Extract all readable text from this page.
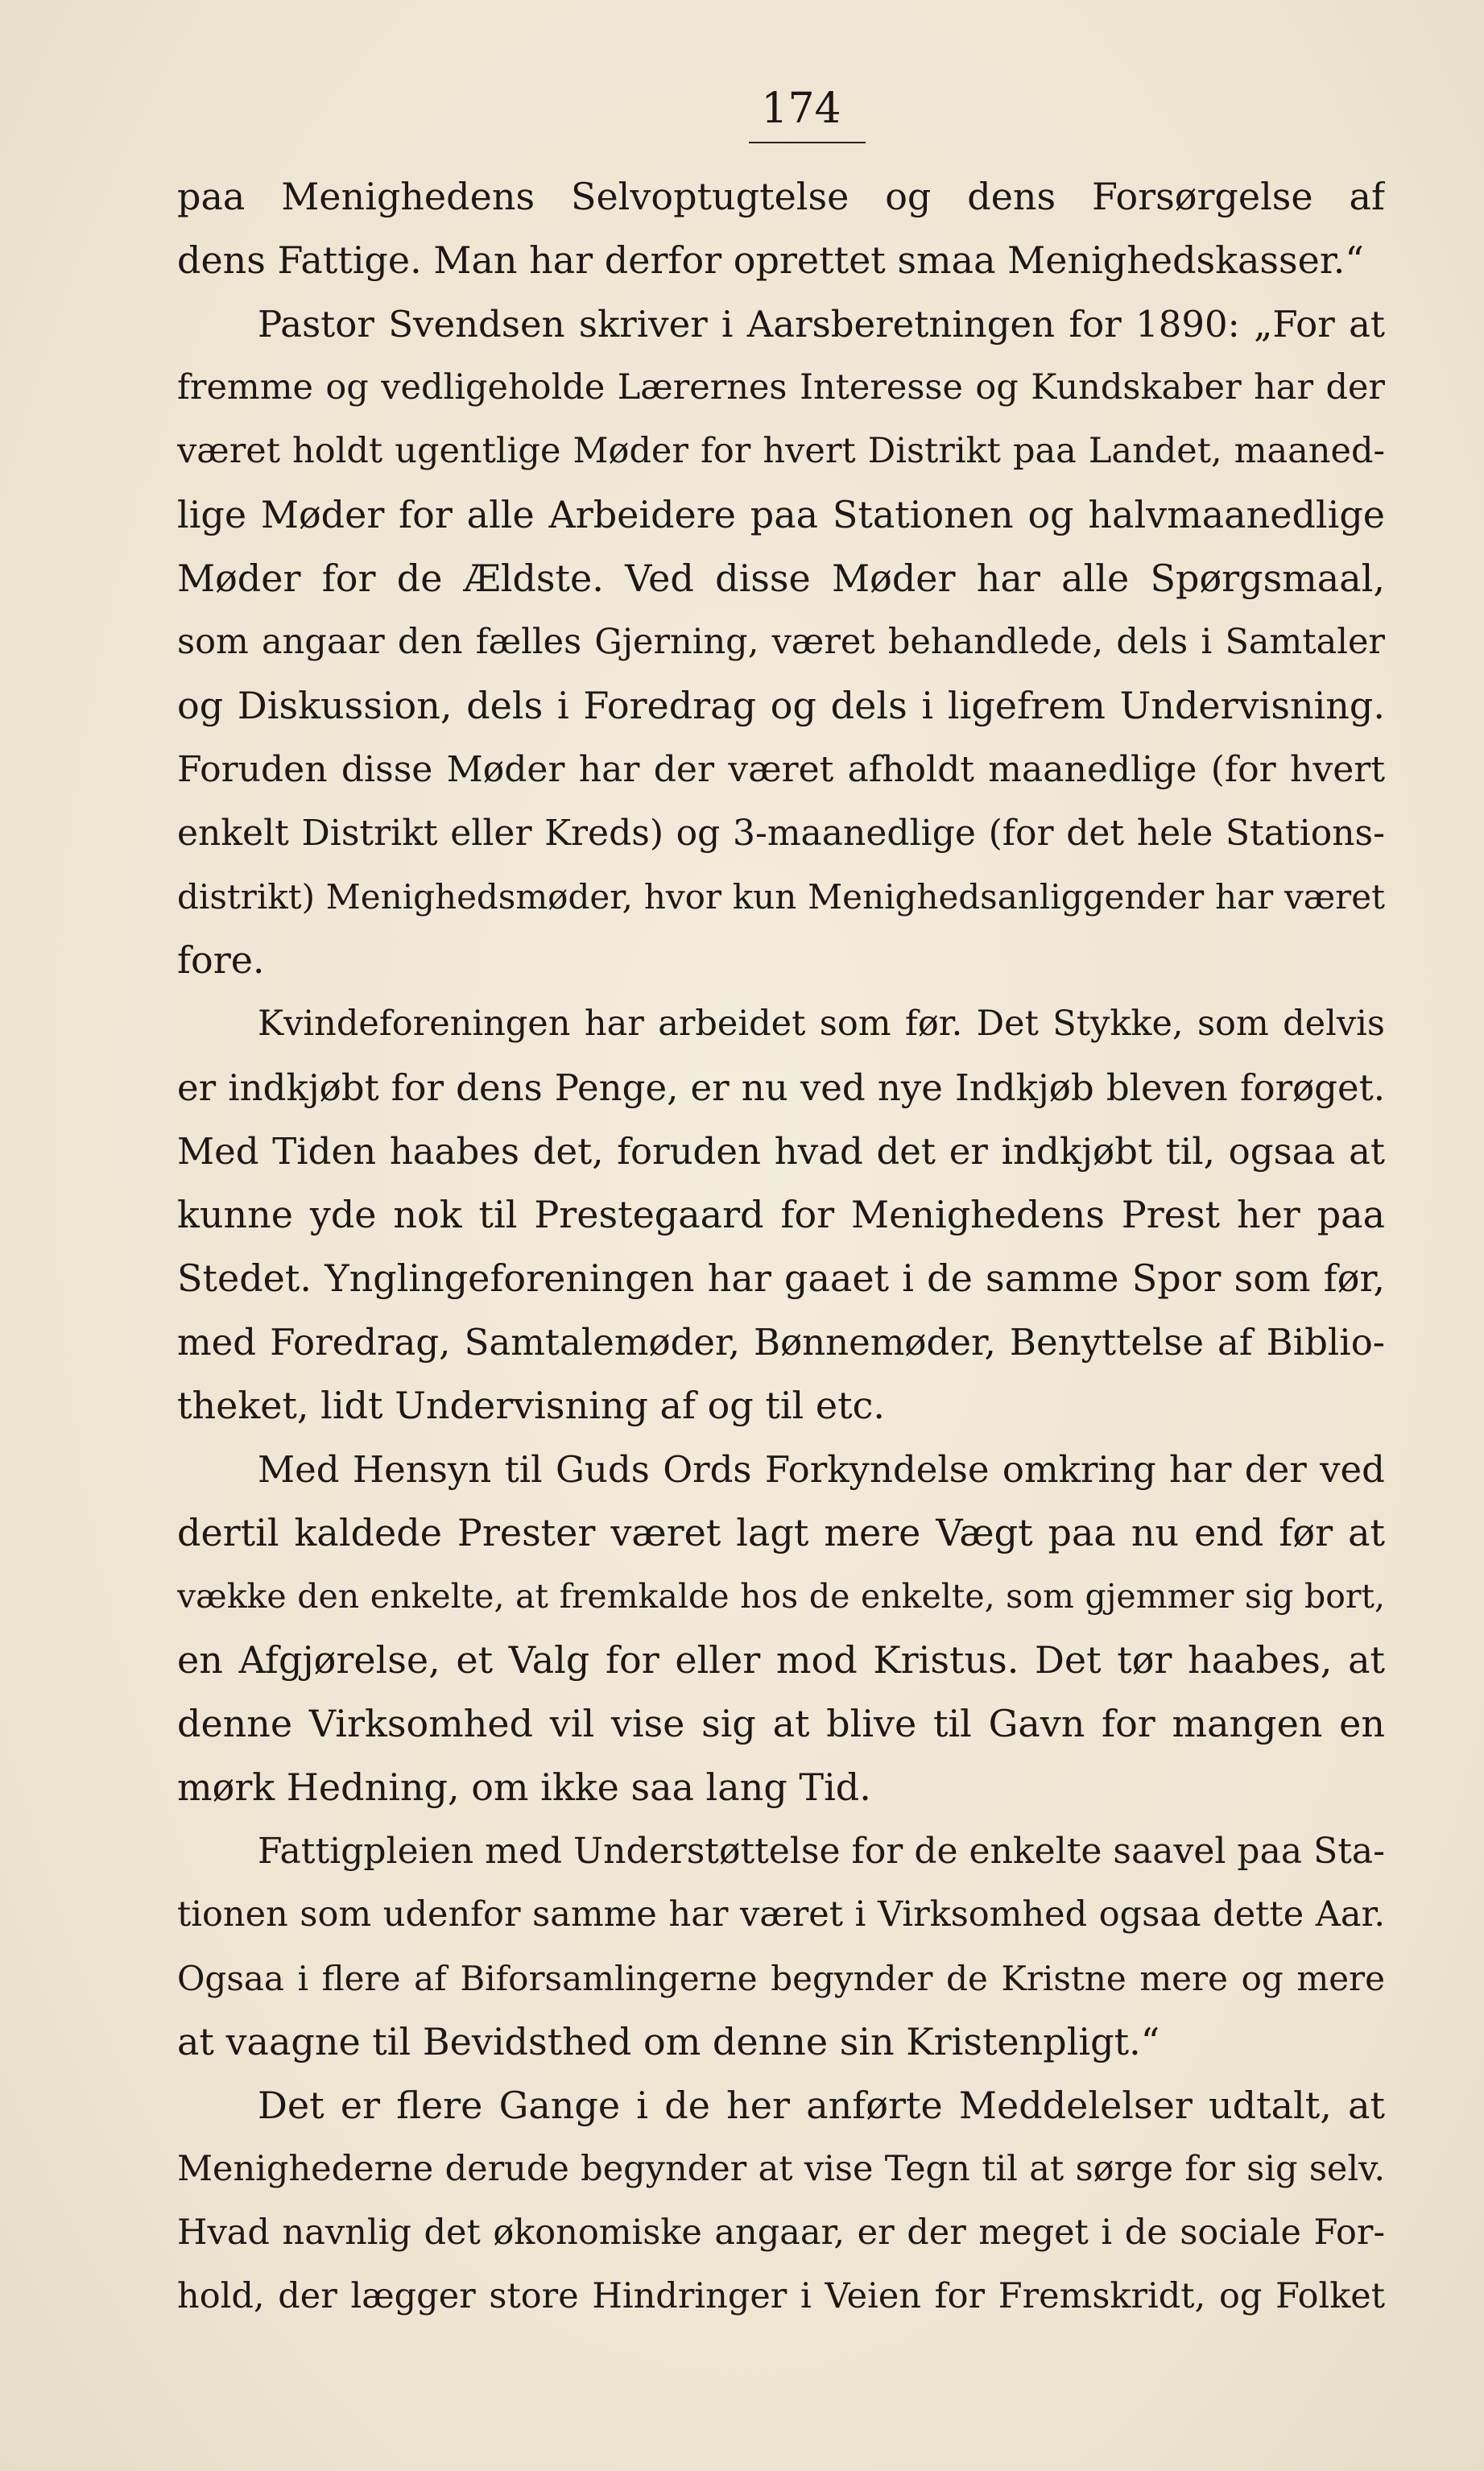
174
paa Menighedens Selvoptugtelse og dens Forsørgelse af
dens Fattige. Man har derfor oprettet smaa Menighedskasser.“
Pastor Svendsen skriver i Aarsberetningen for 1890: „For at
fremme og vedligeholde Lærernes Interesse og Kundskaber har der
været holdt ugentlige Møder for hvert Distrikt paa Landet, maaned-
lige Møder for alle Arbeidere paa Stationen og halvmaanedlige
Møder for de Ældste. Ved disse Møder har alle Spørgsmaal,
som angaar den fælles Gjerning, været behandlede, dels i Samtaler
og Diskussion, dels i Foredrag og dels i ligefrem Undervisning.
Foruden disse Møder har der været afholdt maanedlige (for hvert
enkelt Distrikt eller Kreds) og 3-maanedlige (for det hele Stations-
distrikt) Menighedsmøder, hvor kun Menighedsanliggender har været
fore.
Kvindeforeningen har arbeidet som før. Det Stykke, som delvis
er indkjøbt for dens Penge, er nu ved nye Indkjøb bleven forøget.
Med Tiden haabes det, foruden hvad det er indkjøbt til, ogsaa at
kunne yde nok til Prestegaard for Menighedens Prest her paa
Stedet. Ynglingeforeningen har gaaet i de samme Spor som før,
med Foredrag, Samtalemøder, Bønnemøder, Benyttelse af Biblio-
theket, lidt Undervisning af og til etc.
Med Hensyn til Guds Ords Forkyndelse omkring har der ved
dertil kaldede Prester været lagt mere Vægt paa nu end før at
vække den enkelte, at fremkalde hos de enkelte, som gjemmer sig bort,
en Afgjørelse, et Valg for eller mod Kristus. Det tør haabes, at
denne Virksomhed vil vise sig at blive til Gavn for mangen en
mørk Hedning, om ikke saa lang Tid.
Fattigpleien med Understøttelse for de enkelte saavel paa Sta-
tionen som udenfor samme har været i Virksomhed ogsaa dette Aar.
Ogsaa i flere af Biforsamlingerne begynder de Kristne mere og mere
at vaagne til Bevidsthed om denne sin Kristenpligt.“
Det er flere Gange i de her anførte Meddelelser udtalt, at
Menighederne derude begynder at vise Tegn til at sørge for sig selv.
Hvad navnlig det økonomiske angaar, er der meget i de sociale For-
hold, der lægger store Hindringer i Veien for Fremskridt, og Folket
